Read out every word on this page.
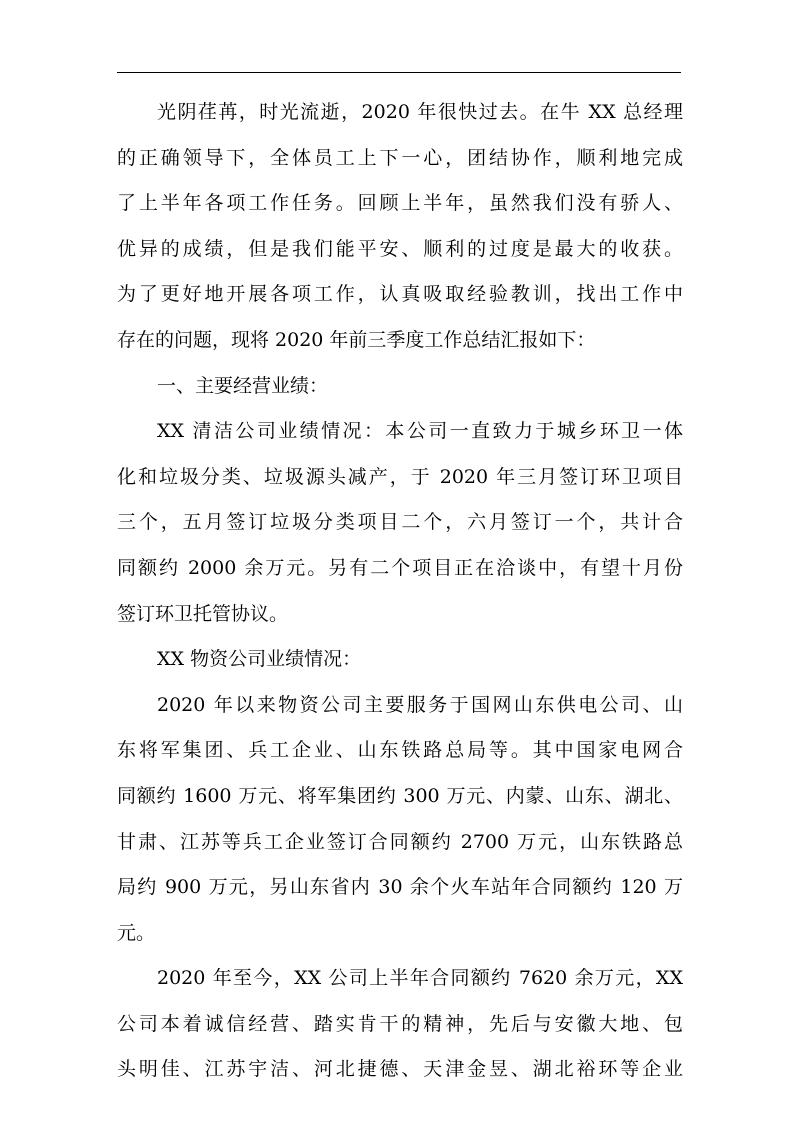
光阴荏苒，时光流逝，2020 年很快过去。在牛 XX 总经理
的正确领导下，全体员工上下一心，团结协作，顺利地完成
了上半年各项工作任务。回顾上半年，虽然我们没有骄人、
优异的成绩，但是我们能平安、顺利的过度是最大的收获。
为了更好地开展各项工作，认真吸取经验教训，找出工作中
存在的问题，现将 2020 年前三季度工作总结汇报如下：
一、主要经营业绩：
XX 清洁公司业绩情况：本公司一直致力于城乡环卫一体
化和垃圾分类、垃圾源头减产，于 2020 年三月签订环卫项目
三个，五月签订垃圾分类项目二个，六月签订一个，共计合
同额约 2000 余万元。另有二个项目正在洽谈中，有望十月份
签订环卫托管协议。
XX 物资公司业绩情况：
2020 年以来物资公司主要服务于国网山东供电公司、山
东将军集团、兵工企业、山东铁路总局等。其中国家电网合
同额约 1600 万元、将军集团约 300 万元、内蒙、山东、湖北、
甘肃、江苏等兵工企业签订合同额约 2700 万元，山东铁路总
局约 900 万元，另山东省内 30 余个火车站年合同额约 120 万
元。
2020 年至今，XX 公司上半年合同额约 7620 余万元，XX
公司本着诚信经营、踏实肯干的精神，先后与安徽大地、包
头明佳、江苏宇洁、河北捷德、天津金昱、湖北裕环等企业
